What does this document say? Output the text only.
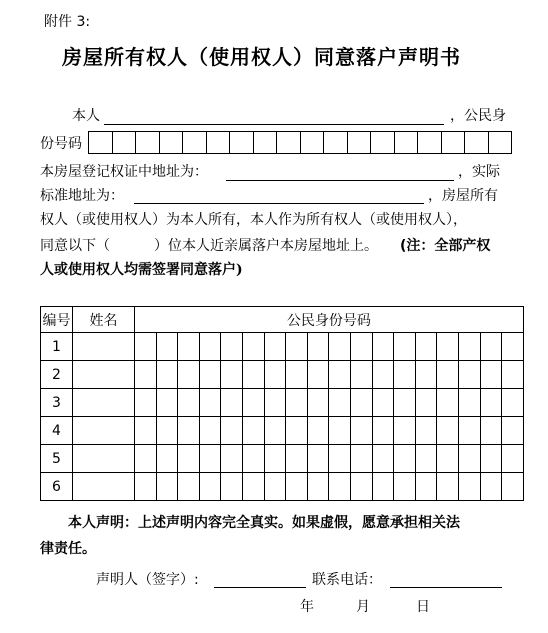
附件 3:
房屋所有权人（使用权人）同意落户声明书
本人	，公民身
份号码
本房屋登记权证中地址为：	，实际
标准地址为：	，房屋所有
权人（或使用权人）为本人所有，本人作为所有权人（或使用权人），
同意以下（	）位本人近亲属落户本房屋地址上。 (注：全部产权
人或使用权人均需签署同意落户)
编号	姓名	公民身份号码																	
1																			
2																			
3																			
4																			
5																			
6																			
本人声明：上述声明内容完全真实。如果虚假，愿意承担相关法
律责任。
声明人（签字）:	联系电话：
年	月	日
